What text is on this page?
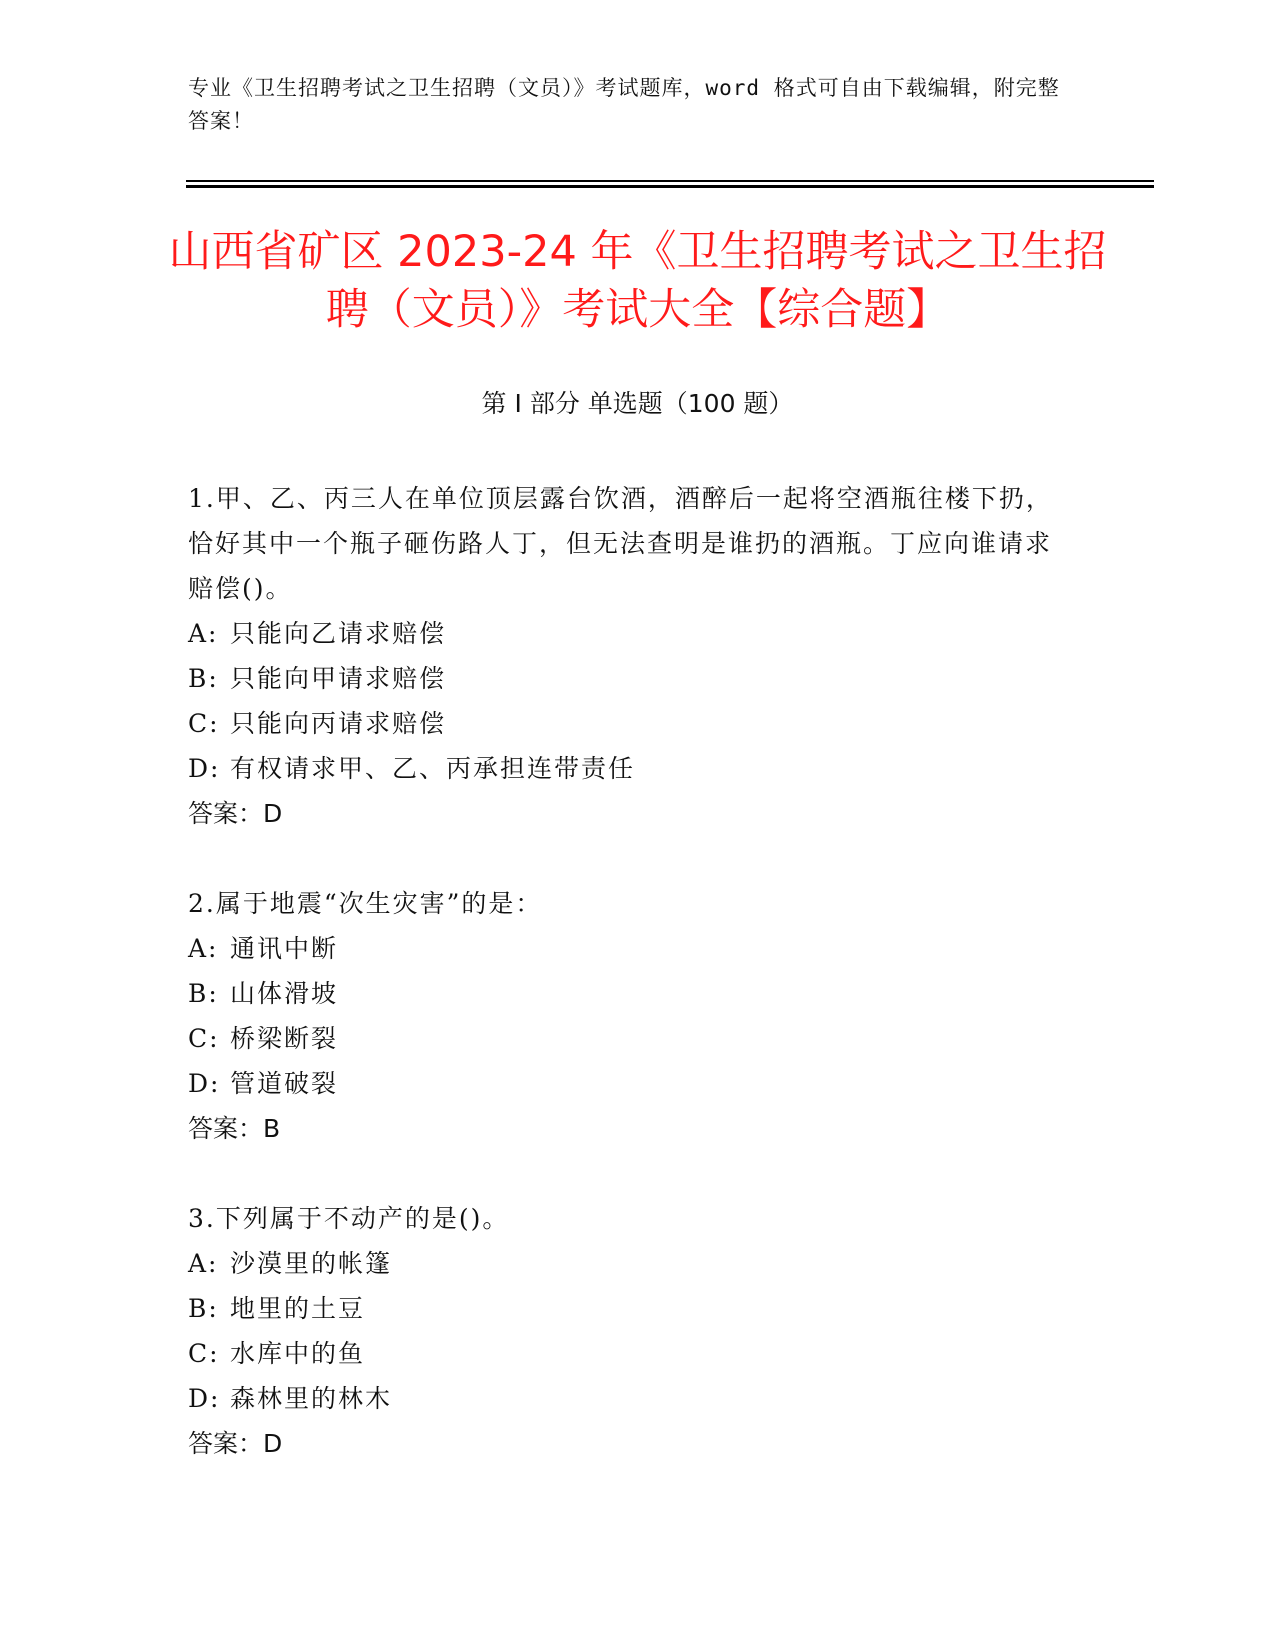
专业《卫生招聘考试之卫生招聘（文员）》考试题库，word 格式可自由下载编辑，附完整答案！
山西省矿区 2023-24 年《卫生招聘考试之卫生招聘（文员）》考试大全【综合题】
第 I 部分 单选题（100 题）
1.甲、乙、丙三人在单位顶层露台饮酒，酒醉后一起将空酒瓶往楼下扔，恰好其中一个瓶子砸伤路人丁，但无法查明是谁扔的酒瓶。丁应向谁请求赔偿()。
A: 只能向乙请求赔偿
B: 只能向甲请求赔偿
C: 只能向丙请求赔偿
D: 有权请求甲、乙、丙承担连带责任
答案：D
2.属于地震“次生灾害”的是：
A: 通讯中断
B: 山体滑坡
C: 桥梁断裂
D: 管道破裂
答案：B
3.下列属于不动产的是()。
A: 沙漠里的帐篷
B: 地里的土豆
C: 水库中的鱼
D: 森林里的林木
答案：D
